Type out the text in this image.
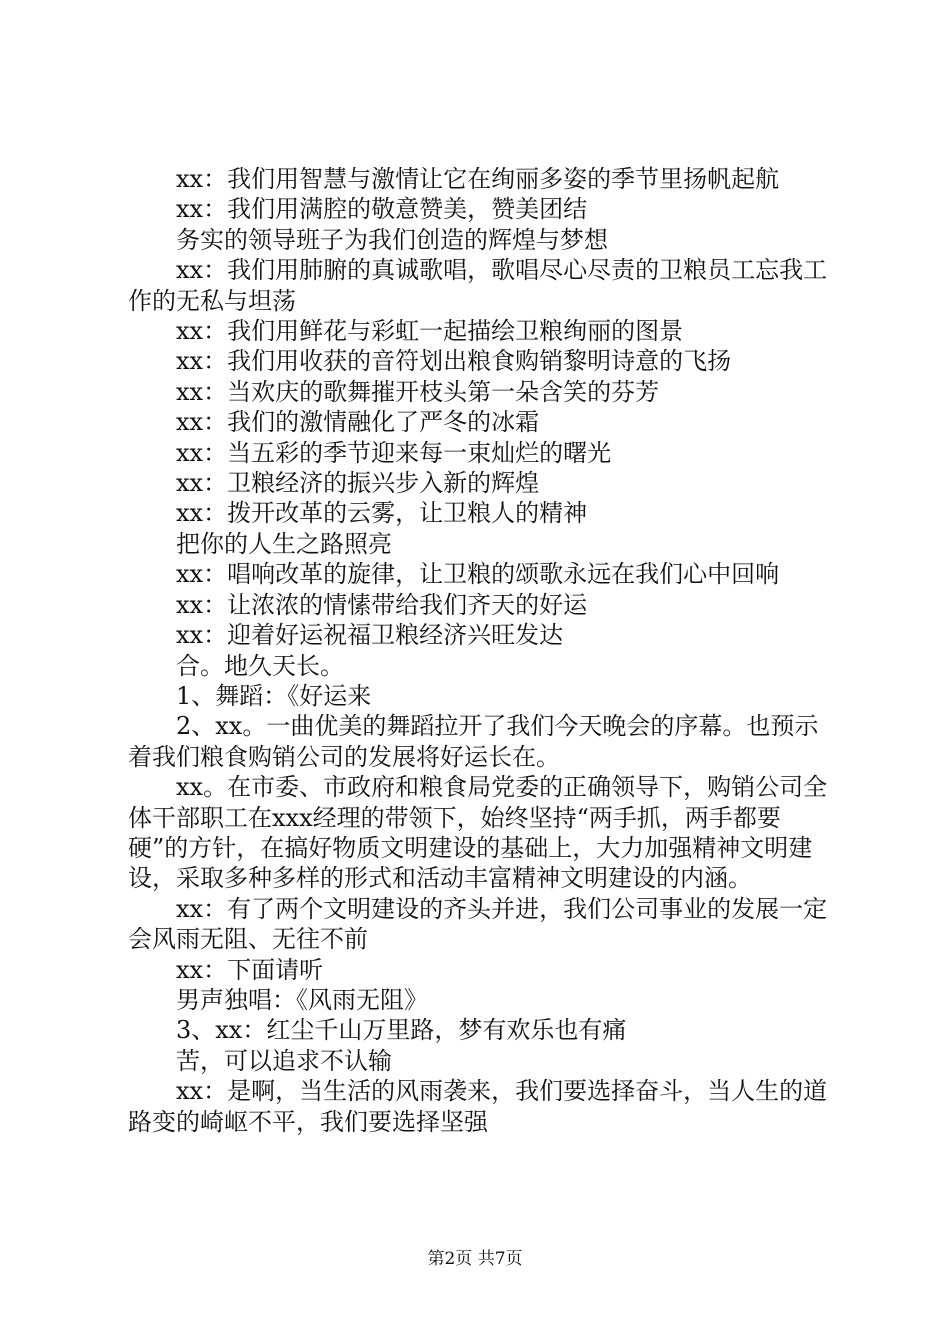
xx：我们用智慧与激情让它在绚丽多姿的季节里扬帆起航

xx：我们用满腔的敬意赞美，赞美团结

务实的领导班子为我们创造的辉煌与梦想

xx：我们用肺腑的真诚歌唱，歌唱尽心尽责的卫粮员工忘我工作的无私与坦荡

xx：我们用鲜花与彩虹一起描绘卫粮绚丽的图景

xx：我们用收获的音符划出粮食购销黎明诗意的飞扬

xx：当欢庆的歌舞摧开枝头第一朵含笑的芬芳

xx：我们的激情融化了严冬的冰霜

xx：当五彩的季节迎来每一束灿烂的曙光

xx：卫粮经济的振兴步入新的辉煌

xx：拨开改革的云雾，让卫粮人的精神

把你的人生之路照亮

xx：唱响改革的旋律，让卫粮的颂歌永远在我们心中回响

xx：让浓浓的情愫带给我们齐天的好运

xx：迎着好运祝福卫粮经济兴旺发达

合。地久天长。

1、舞蹈：《好运来

2、xx。一曲优美的舞蹈拉开了我们今天晚会的序幕。也预示着我们粮食购销公司的发展将好运长在。

xx。在市委、市政府和粮食局党委的正确领导下，购销公司全体干部职工在xxx经理的带领下，始终坚持“两手抓，两手都要硬”的方针，在搞好物质文明建设的基础上，大力加强精神文明建设，采取多种多样的形式和活动丰富精神文明建设的内涵。

xx：有了两个文明建设的齐头并进，我们公司事业的发展一定会风雨无阻、无往不前

xx：下面请听

男声独唱：《风雨无阻》

3、xx：红尘千山万里路，梦有欢乐也有痛

苦，可以追求不认输

xx：是啊，当生活的风雨袭来，我们要选择奋斗，当人生的道路变的崎岖不平，我们要选择坚强

第2页 共7页
